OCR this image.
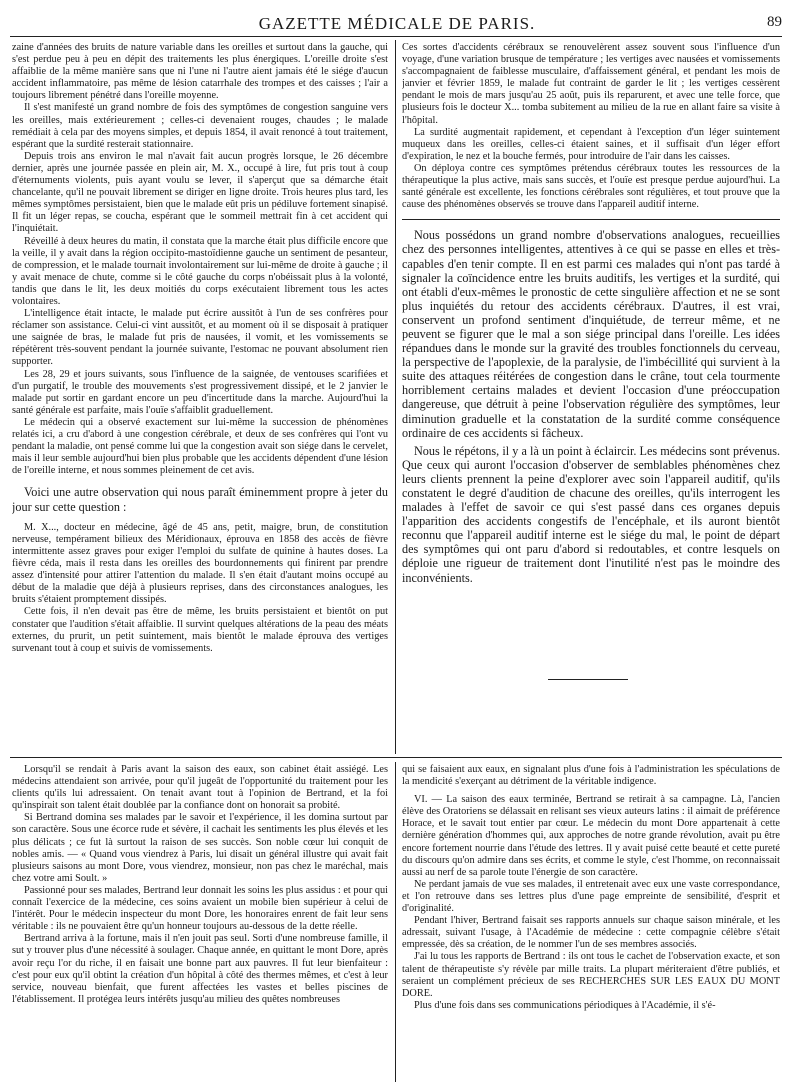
GAZETTE MÉDICALE DE PARIS.	89

zaine d'années des bruits de nature variable dans les oreilles et surtout dans la gauche, qui s'est perdue peu à peu en dépit des traitements les plus énergiques. L'oreille droite s'est affaiblie de la même manière sans que ni l'une ni l'autre aient jamais été le siége d'aucun accident inflammatoire, pas même de lésion catarrhale des trompes et des caisses ; l'air a toujours librement pénétré dans l'oreille moyenne.

Il s'est manifesté un grand nombre de fois des symptômes de congestion sanguine vers les oreilles, mais extérieurement ; celles-ci devenaient rouges, chaudes ; le malade remédiait à cela par des moyens simples, et depuis 1854, il avait renoncé à tout traitement, espérant que la surdité resterait stationnaire.

Depuis trois ans environ le mal n'avait fait aucun progrès lorsque, le 26 décembre dernier, après une journée passée en plein air, M. X., occupé à lire, fut pris tout à coup d'éternuments violents, puis ayant voulu se lever, il s'aperçut que sa démarche était chancelante, qu'il ne pouvait librement se diriger en ligne droite. Trois heures plus tard, les mêmes symptômes persistaient, bien que le malade eût pris un pédiluve fortement sinapisé. Il fit un léger repas, se coucha, espérant que le sommeil mettrait fin à cet accident qui l'inquiétait.

Réveillé à deux heures du matin, il constata que la marche était plus difficile encore que la veille, il y avait dans la région occipito-mastoïdienne gauche un sentiment de pesanteur, de compression, et le malade tournait involontairement sur lui-même de droite à gauche ; il y avait menace de chute, comme si le côté gauche du corps n'obéissait plus à la volonté, tandis que dans le lit, les deux moitiés du corps exécutaient librement tous les actes volontaires.

L'intelligence était intacte, le malade put écrire aussitôt à l'un de ses confrères pour réclamer son assistance. Celui-ci vint aussitôt, et au moment où il se disposait à pratiquer une saignée de bras, le malade fut pris de nausées, il vomit, et les vomissements se répétèrent très-souvent pendant la journée suivante, l'estomac ne pouvant absolument rien supporter.

Les 28, 29 et jours suivants, sous l'influence de la saignée, de ventouses scarifiées et d'un purgatif, le trouble des mouvements s'est progressivement dissipé, et le 2 janvier le malade put sortir en gardant encore un peu d'incertitude dans la marche. Aujourd'hui la santé générale est parfaite, mais l'ouïe s'affaiblit graduellement.

Le médecin qui a observé exactement sur lui-même la succession de phénomènes relatés ici, a cru d'abord à une congestion cérébrale, et deux de ses confrères qui l'ont vu pendant la maladie, ont pensé comme lui que la congestion avait son siége dans le cervelet, mais il leur semble aujourd'hui bien plus probable que les accidents dépendent d'une lésion de l'oreille interne, et nous sommes pleinement de cet avis.

Voici une autre observation qui nous paraît éminemment propre à jeter du jour sur cette question :

M. X..., docteur en médecine, âgé de 45 ans, petit, maigre, brun, de constitution nerveuse, tempérament bilieux des Méridionaux, éprouva en 1858 des accès de fièvre intermittente assez graves pour exiger l'emploi du sulfate de quinine à hautes doses. La fièvre céda, mais il resta dans les oreilles des bourdonnements qui finirent par prendre assez d'intensité pour attirer l'attention du malade. Il s'en était d'autant moins occupé au début de la maladie que déjà à plusieurs reprises, dans des circonstances analogues, les bruits s'étaient promptement dissipés.

Cette fois, il n'en devait pas être de même, les bruits persistaient et bientôt on put constater que l'audition s'était affaiblie. Il survint quelques altérations de la peau des méats externes, du prurit, un petit suintement, mais bientôt le malade éprouva des vertiges survenant tout à coup et suivis de vomissements.

Ces sortes d'accidents cérébraux se renouvelèrent assez souvent sous l'influence d'un voyage, d'une variation brusque de température ; les vertiges avec nausées et vomissements s'accompagnaient de faiblesse musculaire, d'affaissement général, et pendant les mois de janvier et février 1859, le malade fut contraint de garder le lit ; les vertiges cessèrent pendant le mois de mars jusqu'au 25 août, puis ils reparurent, et avec une telle force, que plusieurs fois le docteur X... tomba subitement au milieu de la rue en allant faire sa visite à l'hôpital.

La surdité augmentait rapidement, et cependant à l'exception d'un léger suintement muqueux dans les oreilles, celles-ci étaient saines, et il suffisait d'un léger effort d'expiration, le nez et la bouche fermés, pour introduire de l'air dans les caisses.

On déploya contre ces symptômes prétendus cérébraux toutes les ressources de la thérapeutique la plus active, mais sans succès, et l'ouïe est presque perdue aujourd'hui. La santé générale est excellente, les fonctions cérébrales sont régulières, et tout prouve que la cause des phénomènes observés se trouve dans l'appareil auditif interne.

Nous possédons un grand nombre d'observations analogues, recueillies chez des personnes intelligentes, attentives à ce qui se passe en elles et très-capables d'en tenir compte. Il en est parmi ces malades qui n'ont pas tardé à signaler la coïncidence entre les bruits auditifs, les vertiges et la surdité, qui ont établi d'eux-mêmes le pronostic de cette singulière affection et ne se sont plus inquiétés du retour des accidents cérébraux. D'autres, il est vrai, conservent un profond sentiment d'inquiétude, de terreur même, et ne peuvent se figurer que le mal a son siége principal dans l'oreille. Les idées répandues dans le monde sur la gravité des troubles fonctionnels du cerveau, la perspective de l'apoplexie, de la paralysie, de l'imbécillité qui survient à la suite des attaques réitérées de congestion dans le crâne, tout cela tourmente horriblement certains malades et devient l'occasion d'une préoccupation dangereuse, que détruit à peine l'observation régulière des symptômes, leur diminution graduelle et la constatation de la surdité comme conséquence ordinaire de ces accidents si fâcheux.

Nous le répétons, il y a là un point à éclaircir. Les médecins sont prévenus. Que ceux qui auront l'occasion d'observer de semblables phénomènes chez leurs clients prennent la peine d'explorer avec soin l'appareil auditif, qu'ils constatent le degré d'audition de chacune des oreilles, qu'ils interrogent les malades à l'effet de savoir ce qui s'est passé dans ces organes depuis l'apparition des accidents congestifs de l'encéphale, et ils auront bientôt reconnu que l'appareil auditif interne est le siége du mal, le point de départ des symptômes qui ont paru d'abord si redoutables, et contre lesquels on déploie une rigueur de traitement dont l'inutilité n'est pas le moindre des inconvénients.

Lorsqu'il se rendait à Paris avant la saison des eaux, son cabinet était assiégé. Les médecins attendaient son arrivée, pour qu'il jugeât de l'opportunité du traitement pour les clients qu'ils lui adressaient. On tenait avant tout à l'opinion de Bertrand, et la foi qu'inspirait son talent était doublée par la confiance dont on honorait sa probité.

Si Bertrand domina ses malades par le savoir et l'expérience, il les domina surtout par son caractère. Sous une écorce rude et sévère, il cachait les sentiments les plus élevés et les plus délicats ; ce fut là surtout la raison de ses succès. Son noble cœur lui conquit de nobles amis. — « Quand vous viendrez à Paris, lui disait un général illustre qui avait fait plusieurs saisons au mont Dore, vous viendrez, monsieur, non pas chez le maréchal, mais chez votre ami Soult. »

Passionné pour ses malades, Bertrand leur donnait les soins les plus assidus : et pour qui connaît l'exercice de la médecine, ces soins avaient un mobile bien supérieur à celui de l'intérêt. Pour le médecin inspecteur du mont Dore, les honoraires enrent de fait leur sens véritable : ils ne pouvaient être qu'un honneur toujours au-dessous de la dette réelle.

Bertrand arriva à la fortune, mais il n'en jouit pas seul. Sorti d'une nombreuse famille, il sut y trouver plus d'une nécessité à soulager. Chaque année, en quittant le mont Dore, après avoir reçu l'or du riche, il en faisait une bonne part aux pauvres. Il fut leur bienfaiteur : c'est pour eux qu'il obtint la création d'un hôpital à côté des thermes mêmes, et c'est à leur service, nouveau bienfait, que furent affectées les vastes et belles piscines de l'établissement. Il protégea leurs intérêts jusqu'au milieu des quêtes nombreuses

qui se faisaient aux eaux, en signalant plus d'une fois à l'administration les spéculations de la mendicité s'exerçant au détriment de la véritable indigence.

VI. — La saison des eaux terminée, Bertrand se retirait à sa campagne. Là, l'ancien élève des Oratoriens se délassait en relisant ses vieux auteurs latins : il aimait de préférence Horace, et le savait tout entier par cœur. Le médecin du mont Dore appartenait à cette dernière génération d'hommes qui, aux approches de notre grande révolution, avait pu être encore fortement nourrie dans l'étude des lettres. Il y avait puisé cette beauté et cette pureté du discours qu'on admire dans ses écrits, et comme le style, c'est l'homme, on reconnaissait aussi au nerf de sa parole toute l'énergie de son caractère.

Ne perdant jamais de vue ses malades, il entretenait avec eux une vaste correspondance, et l'on retrouve dans ses lettres plus d'une page empreinte de sensibilité, d'esprit et d'originalité.

Pendant l'hiver, Bertrand faisait ses rapports annuels sur chaque saison minérale, et les adressait, suivant l'usage, à l'Académie de médecine : cette compagnie célèbre s'était empressée, dès sa création, de le nommer l'un de ses membres associés.

J'ai lu tous les rapports de Bertrand : ils ont tous le cachet de l'observation exacte, et son talent de thérapeutiste s'y révèle par mille traits. La plupart mériteraient d'être publiés, et seraient un complément précieux de ses RECHERCHES SUR LES EAUX DU MONT DORE.

Plus d'une fois dans ses communications périodiques à l'Académie, il s'é-
